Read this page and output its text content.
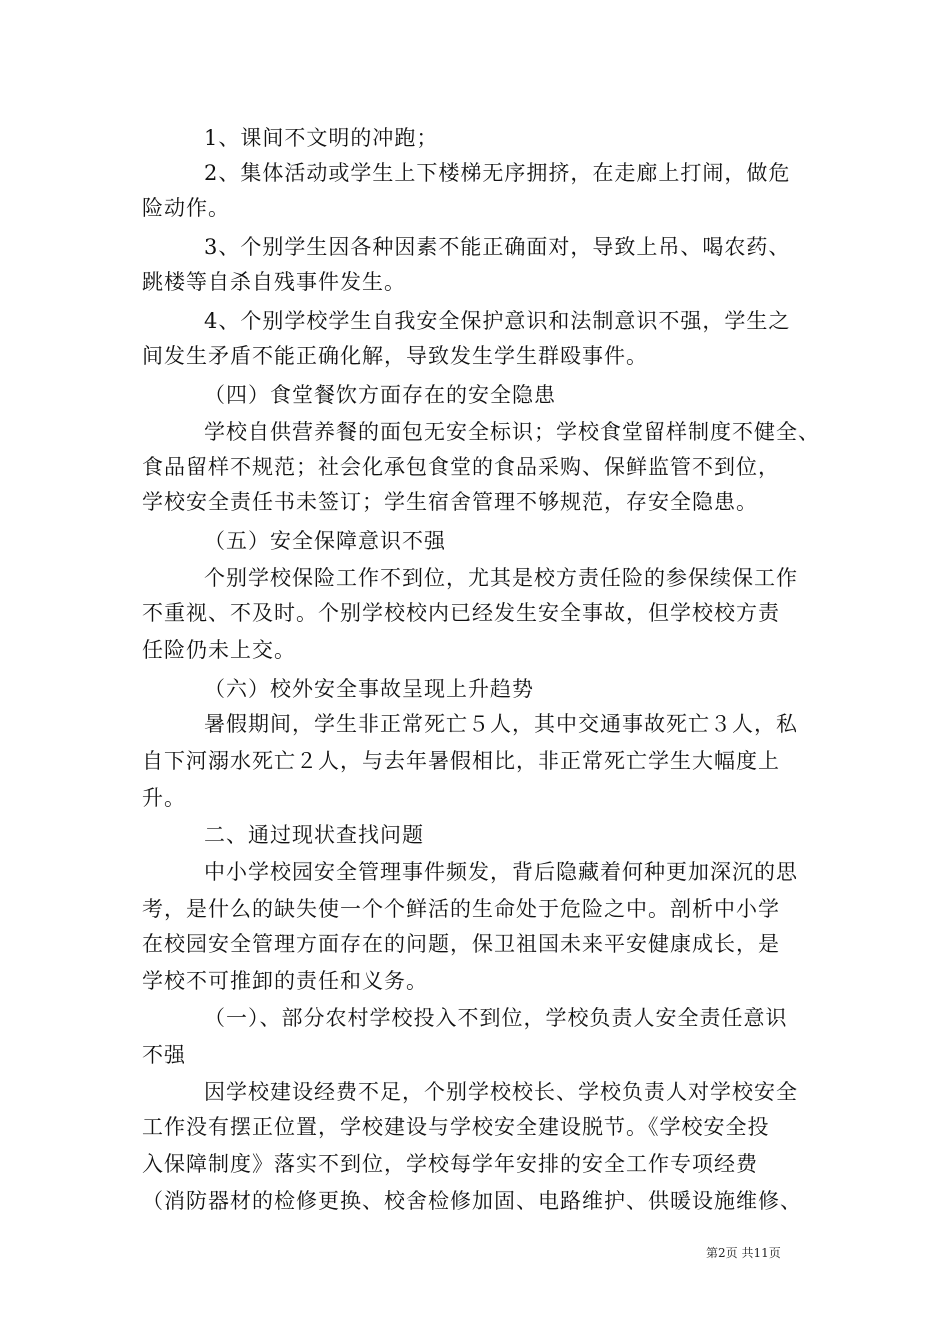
1、课间不文明的冲跑；
2、集体活动或学生上下楼梯无序拥挤，在走廊上打闹，做危
险动作。
3、个别学生因各种因素不能正确面对，导致上吊、喝农药、
跳楼等自杀自残事件发生。
4、个别学校学生自我安全保护意识和法制意识不强，学生之
间发生矛盾不能正确化解，导致发生学生群殴事件。
（四）食堂餐饮方面存在的安全隐患
学校自供营养餐的面包无安全标识；学校食堂留样制度不健全、
食品留样不规范；社会化承包食堂的食品采购、保鲜监管不到位，
学校安全责任书未签订；学生宿舍管理不够规范，存安全隐患。
（五）安全保障意识不强
个别学校保险工作不到位，尤其是校方责任险的参保续保工作
不重视、不及时。个别学校校内已经发生安全事故，但学校校方责
任险仍未上交。
（六）校外安全事故呈现上升趋势
暑假期间，学生非正常死亡５人，其中交通事故死亡３人，私
自下河溺水死亡２人，与去年暑假相比，非正常死亡学生大幅度上
升。
二、通过现状查找问题
中小学校园安全管理事件频发，背后隐藏着何种更加深沉的思
考，是什么的缺失使一个个鲜活的生命处于危险之中。剖析中小学
在校园安全管理方面存在的问题，保卫祖国未来平安健康成长，是
学校不可推卸的责任和义务。
（一）、部分农村学校投入不到位，学校负责人安全责任意识
不强
因学校建设经费不足，个别学校校长、学校负责人对学校安全
工作没有摆正位置，学校建设与学校安全建设脱节。《学校安全投
入保障制度》落实不到位，学校每学年安排的安全工作专项经费
（消防器材的检修更换、校舍检修加固、电路维护、供暖设施维修、
第2页 共11页
